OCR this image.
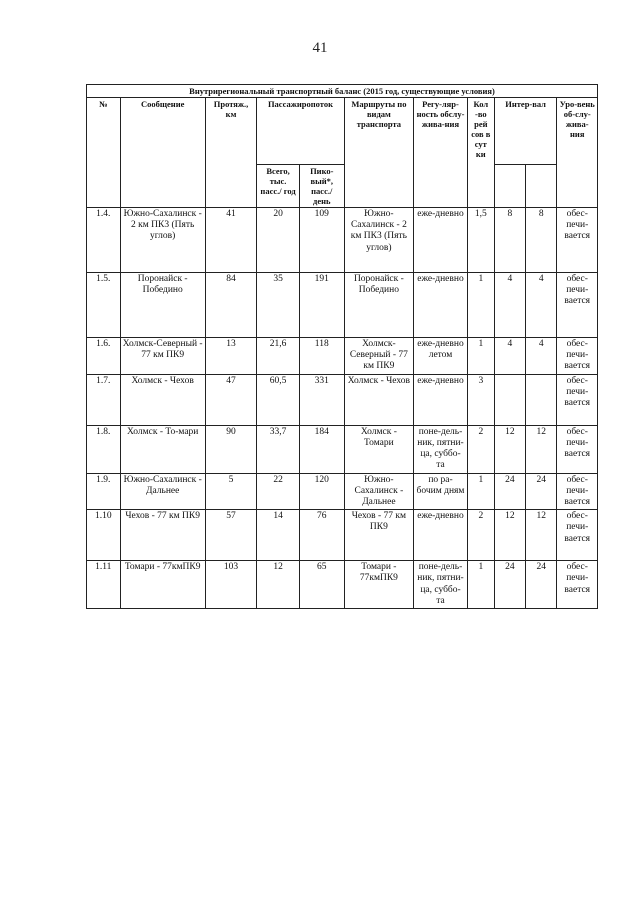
41
Внутрирегиональный транспортный баланс (2015 год, существующие условия)										
№	Сообщение	Протяж., км	Пассажиропоток		Маршруты по видам транспорта	Регу-ляр-ность обслу-жива-ния	Кол -во рей сов в сут ки	Интер-вал		Уро-вень об-слу-жива-ния
			Всего, тыс. пасс./ год	Пико-вый*, пасс./ день						
1.4.	Южно-Сахалинск - 2 км ПК3 (Пять углов)	41	20	109	Южно-Сахалинск - 2 км ПК3 (Пять углов)	еже-дневно	1,5	8	8	обес-печи-вается
1.5.	Поронайск - Победино	84	35	191	Поронайск - Победино	еже-дневно	1	4	4	обес-печи-вается
1.6.	Холмск-Северный - 77 км ПК9	13	21,6	118	Холмск-Северный - 77 км ПК9	еже-дневно летом	1	4	4	обес-печи-вается
1.7.	Холмск - Чехов	47	60,5	331	Холмск - Чехов	еже-дневно	3			обес-печи-вается
1.8.	Холмск - То-мари	90	33,7	184	Холмск - Томари	поне-дель-ник, пятни-ца, суббо-та	2	12	12	обес-печи-вается
1.9.	Южно-Сахалинск - Дальнее	5	22	120	Южно-Сахалинск - Дальнее	по ра-бочим дням	1	24	24	обес-печи-вается
1.10	Чехов - 77 км ПК9	57	14	76	Чехов - 77 км ПК9	еже-дневно	2	12	12	обес-печи-вается
1.11	Томари - 77кмПК9	103	12	65	Томари - 77кмПК9	поне-дель-ник, пятни-ца, суббо-та	1	24	24	обес-печи-вается
